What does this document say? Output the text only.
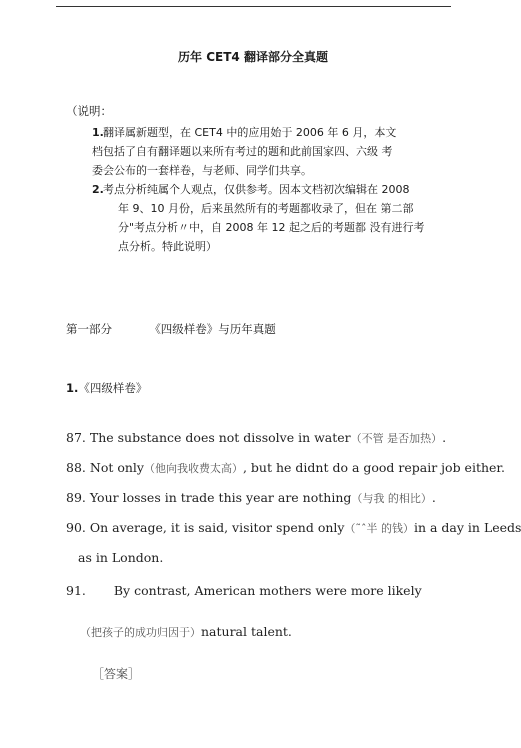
历年 CET4 翻译部分全真题
（说明：
1. 翻译属新题型，在 CET4 中的应用始于 2006 年 6 月，本文
档包括了自有翻译题以来所有考过的题和此前国家四、六级 考
委会公布的一套样卷，与老师、同学们共享。
2. 考点分析纯属个人观点，仅供参考。因本文档初次编辑在 2008
年 9、10 月份，后来虽然所有的考题都收录了，但在 第二部
分"考点分析〃中，自 2008 年 12 起之后的考题都 没有进行考
点分析。特此说明）
第一部分	《四级样卷》与历年真题
1.《四级样卷》
87. The substance does not dissolve in water（不管 是否加热）.
88. Not only（他向我收费太高）, but he didnt do a good repair job either.
89. Your losses in trade this year are nothing（与我 的相比）.
90. On average, it is said, visitor spend only（˜ˆ半 的钱）in a day in Leeds
as in London.
91. By contrast, American mothers were more likely
（把孩子的成功归因于）natural talent.
［答案］
